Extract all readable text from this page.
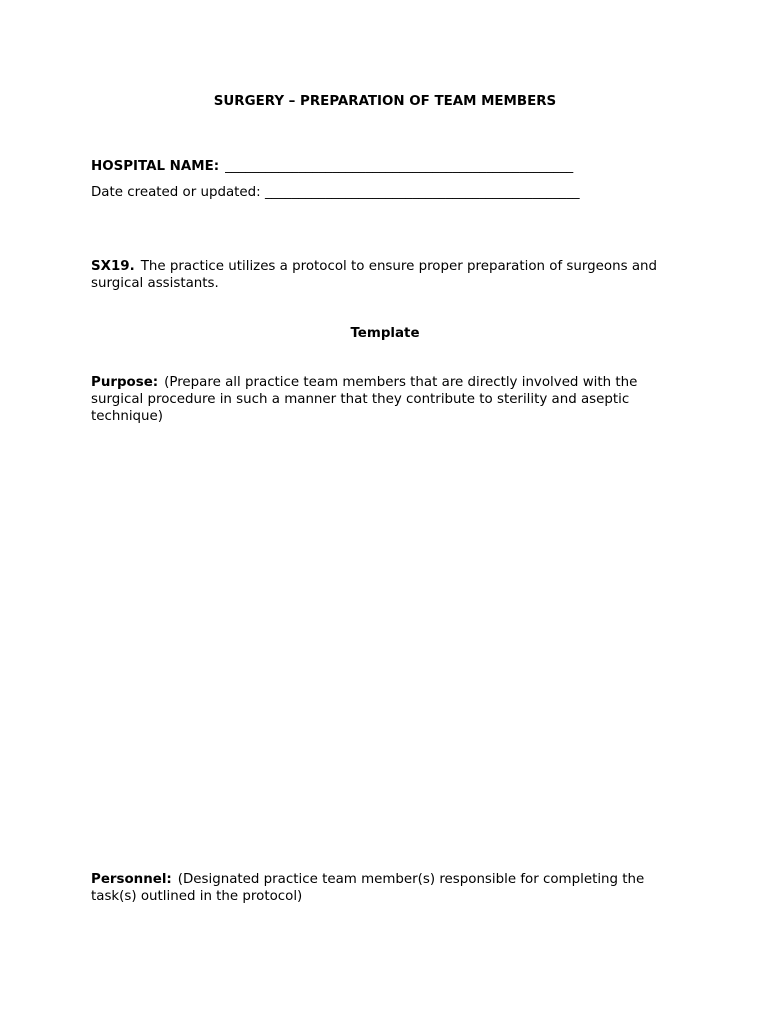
SURGERY – PREPARATION OF TEAM MEMBERS
HOSPITAL NAME: ____________________________________________________
Date created or updated: _______________________________________________
SX19. The practice utilizes a protocol to ensure proper preparation of surgeons and surgical assistants.
Template
Purpose: (Prepare all practice team members that are directly involved with the surgical procedure in such a manner that they contribute to sterility and aseptic technique)
Personnel: (Designated practice team member(s) responsible for completing the task(s) outlined in the protocol)
